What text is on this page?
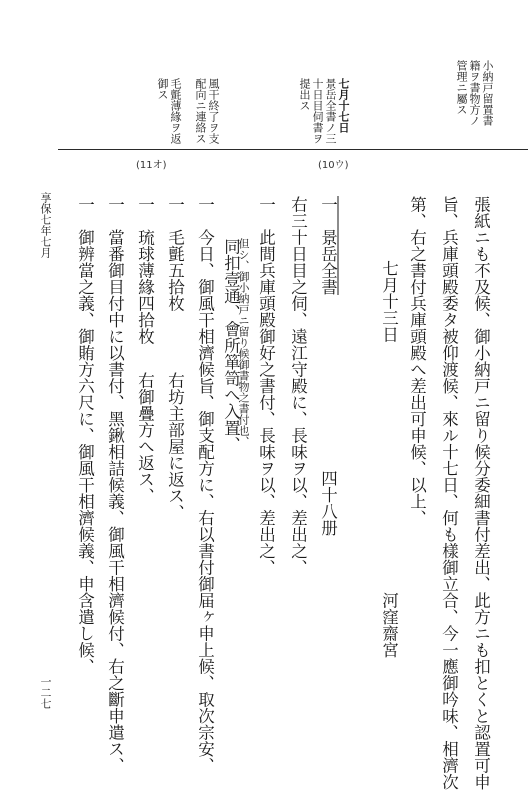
小納戸留置書
籍ヲ書物方ノ
管理ニ屬ス
七月十七日
景岳全書ノ三
十日目伺書ヲ
提出ス
風干終了ヲ支
配向ニ連絡ス
毛氈薄緣ヲ返
御ス
(11オ)	(10ウ)
張紙ニも不及候、御小納戸ニ留り候分委細書付差出、此方ニも扣とくと認置可申
旨、兵庫頭殿委タ被仰渡候、來ル十七日、何も樣御立合、今一應御吟味、相濟次
第、右之書付兵庫頭殿へ差出可申候、以上、
七月十三日
河窪齋宮
一　景岳全書
四十八册
右三十日目之伺、遠江守殿に、長味ヲ以、差出之、
一　此間兵庫頭殿御好之書付、長味ヲ以、差出之、
但シ、御小納戸ニ留り候御書物之書付也、
同扣壹通、會所箪笥へ入置、
一　今日、御風干相濟候旨、御支配方に、右以書付御届ヶ申上候、取次宗安、
一　毛氈五拾枚
右坊主部屋に返ス、
一　琉球薄緣四拾枚
右御疊方へ返ス、
一　當番御目付中に以書付、黑鍬相詰候義、御風干相濟候付、右之斷申遣ス、
一　御辨當之義、御賄方六尺に、御風干相濟候義、申含遣し候、
享保七年七月
一二七
